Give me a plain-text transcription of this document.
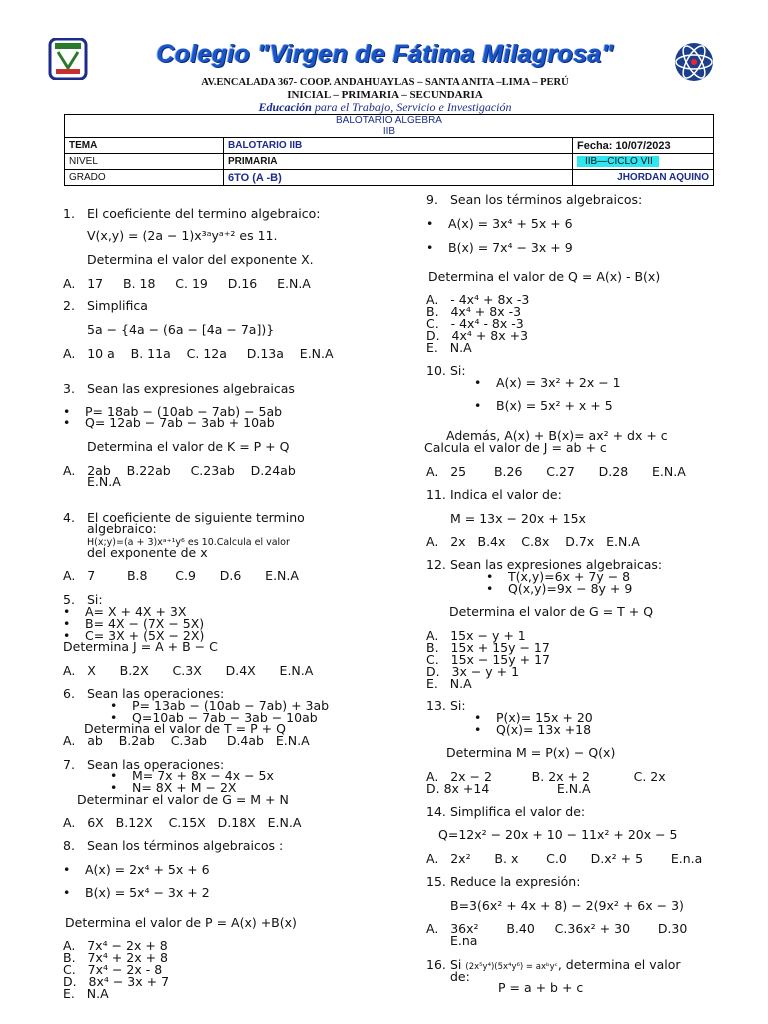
Colegio "Virgen de Fátima Milagrosa"
AV.ENCALADA 367- COOP. ANDAHUAYLAS – SANTA ANITA –LIMA – PERÚ
INICIAL – PRIMARIA – SECUNDARIA
Educación para el Trabajo, Servicio e Investigación
BALOTARIO ALGEBRA
IIB		

TEMA	BALOTARIO IIB	Fecha: 10/07/2023
NIVEL	PRIMARIA	IIB—CICLO VII
GRADO	6TO (A -B)	JHORDAN AQUINO
1. El coeficiente del termino algebraico:
V(x,y) = (2a − 1)x³ᵃyᵃ⁺² es 11.
Determina el valor del exponente X.
A.   17     B. 18     C. 19     D.16     E.N.A
2. Simplifica
5a − {4a − (6a − [4a − 7a])}
A.   10 a    B. 11a    C. 12a     D.13a    E.N.A
3. Sean las expresiones algebraicas
• P= 18ab − (10ab − 7ab) − 5ab
• Q= 12ab − 7ab − 3ab + 10ab
Determina el valor de K = P + Q
A.   2ab    B.22ab     C.23ab    D.24ab
E.N.A
4. El coeficiente de siguiente termino
algebraico:
H(x;y)=(a + 3)xᵃ⁺¹y⁶ es 10.Calcula el valor
del exponente de x
A.   7        B.8       C.9      D.6      E.N.A
5. Si:
• A= X + 4X + 3X
• B= 4X − (7X − 5X)
• C= 3X + (5X − 2X)
Determina J = A + B − C
A.   X      B.2X      C.3X      D.4X      E.N.A
6. Sean las operaciones:
• P= 13ab − (10ab − 7ab) + 3ab
• Q=10ab − 7ab − 3ab − 10ab
Determina el valor de T = P + Q
A.   ab    B.2ab    C.3ab     D.4ab   E.N.A
7. Sean las operaciones:
• M= 7x + 8x − 4x − 5x
• N= 8X + M − 2X
Determinar el valor de G = M + N
A.   6X   B.12X    C.15X   D.18X   E.N.A
8. Sean los términos algebraicos :
• A(x) = 2x⁴ + 5x + 6
• B(x) = 5x⁴ − 3x + 2
Determina el valor de P = A(x) +B(x)
A.   7x⁴ − 2x + 8
B.   7x⁴ + 2x + 8
C.   7x⁴ − 2x - 8
D.   8x⁴ − 3x + 7
E.   N.A
9. Sean los términos algebraicos:
• A(x) = 3x⁴ + 5x + 6
• B(x) = 7x⁴ − 3x + 9
Determina el valor de Q = A(x) - B(x)
A.   - 4x⁴ + 8x -3
B.   4x⁴ + 8x -3
C.   - 4x⁴ - 8x -3
D.   4x⁴ + 8x +3
E.   N.A
10. Si:
• A(x) = 3x² + 2x − 1
• B(x) = 5x² + x + 5
Además, A(x) + B(x)= ax² + dx + c
Calcula el valor de J = ab + c
A.   25       B.26      C.27      D.28      E.N.A
11. Indica el valor de:
M = 13x − 20x + 15x
A.   2x   B.4x    C.8x    D.7x   E.N.A
12. Sean las expresiones algebraicas:
• T(x,y)=6x + 7y − 8
• Q(x,y)=9x − 8y + 9
Determina el valor de G = T + Q
A.   15x − y + 1
B.   15x + 15y − 17
C.   15x − 15y + 17
D.   3x − y + 1
E.   N.A
13. Si:
• P(x)= 15x + 20
• Q(x)= 13x +18
Determina M = P(x) − Q(x)
A.   2x − 2          B. 2x + 2           C. 2x
D. 8x +14                 E.N.A
14. Simplifica el valor de:
Q=12x² − 20x + 10 − 11x² + 20x − 5
A.   2x²      B. x       C.0      D.x² + 5       E.n.a
15. Reduce la expresión:
B=3(6x² + 4x + 8) − 2(9x² + 6x − 3)
A.   36x²       B.40     C.36x² + 30       D.30
E.na
16. Si (2x⁵y⁴)(5x⁴y⁶) = axᵇyᶜ, determina el valor
de:
P = a + b + c
